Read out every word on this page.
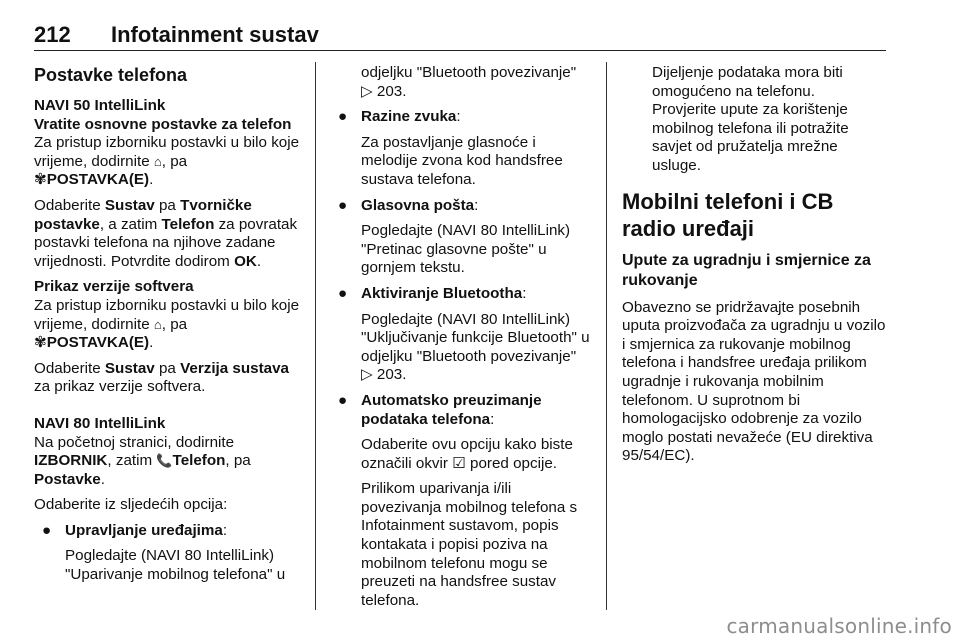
212 Infotainment sustav
Postavke telefona
NAVI 50 IntelliLink
Vratite osnovne postavke za telefon

Za pristup izborniku postavki u bilo koje vrijeme, dodirnite ⌂, pa
✾POSTAVKA(E).

Odaberite Sustav pa Tvorničke postavke, a zatim Telefon za povratak postavki telefona na njihove zadane vrijednosti. Potvrdite dodirom OK.

Prikaz verzije softvera

Za pristup izborniku postavki u bilo koje vrijeme, dodirnite ⌂, pa
✾POSTAVKA(E).

Odaberite Sustav pa Verzija sustava za prikaz verzije softvera.

NAVI 80 IntelliLink

Na početnoj stranici, dodirnite IZBORNIK, zatim 📞Telefon, pa Postavke.

Odaberite iz sljedećih opcija:

● Upravljanje uređajima:

Pogledajte (NAVI 80 IntelliLink) "Uparivanje mobilnog telefona" u

odjeljku "Bluetooth povezivanje"
▷ 203.

● Razine zvuka:

Za postavljanje glasnoće i melodije zvona kod handsfree sustava telefona.

● Glasovna pošta:

Pogledajte (NAVI 80 IntelliLink) "Pretinac glasovne pošte" u gornjem tekstu.

● Aktiviranje Bluetootha:

Pogledajte (NAVI 80 IntelliLink) "Uključivanje funkcije Bluetooth" u odjeljku "Bluetooth povezivanje" ▷ 203.

● Automatsko preuzimanje podataka telefona:

Odaberite ovu opciju kako biste označili okvir ☑ pored opcije.

Prilikom uparivanja i/ili povezivanja mobilnog telefona s Infotainment sustavom, popis kontakata i popisi poziva na mobilnom telefonu mogu se preuzeti na handsfree sustav telefona.

Dijeljenje podataka mora biti omogućeno na telefonu. Provjerite upute za korištenje mobilnog telefona ili potražite savjet od pružatelja mrežne usluge.

Mobilni telefoni i CB radio uređaji
Upute za ugradnju i smjernice za rukovanje

Obavezno se pridržavajte posebnih uputa proizvođača za ugradnju u vozilo i smjernica za rukovanje mobilnog telefona i handsfree uređaja prilikom ugradnje i rukovanja mobilnim telefonom. U suprotnom bi homologacijsko odobrenje za vozilo moglo postati nevažeće (EU direktiva 95/54/EC).

carmanualsonline.info
